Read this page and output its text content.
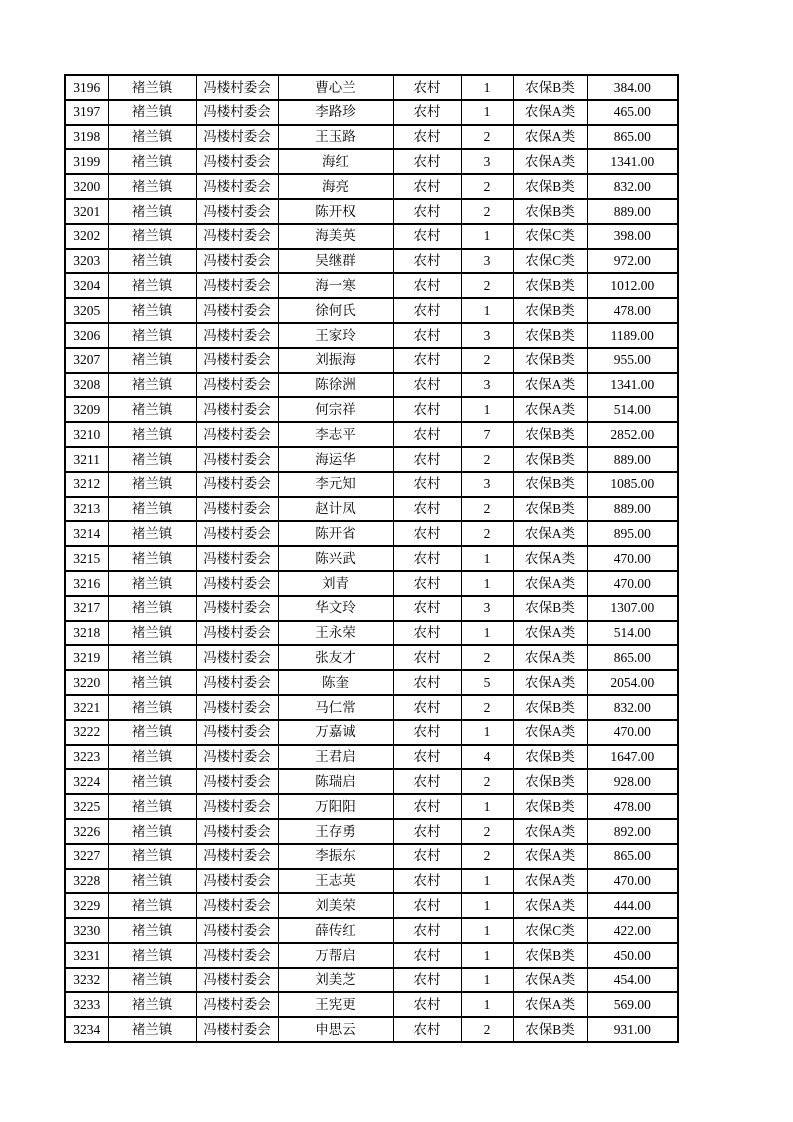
3196	褚兰镇	冯楼村委会	曹心兰	农村	1	农保B类	384.00
3197	褚兰镇	冯楼村委会	李路珍	农村	1	农保A类	465.00
3198	褚兰镇	冯楼村委会	王玉路	农村	2	农保A类	865.00
3199	褚兰镇	冯楼村委会	海红	农村	3	农保A类	1341.00
3200	褚兰镇	冯楼村委会	海亮	农村	2	农保B类	832.00
3201	褚兰镇	冯楼村委会	陈开权	农村	2	农保B类	889.00
3202	褚兰镇	冯楼村委会	海美英	农村	1	农保C类	398.00
3203	褚兰镇	冯楼村委会	吴继群	农村	3	农保C类	972.00
3204	褚兰镇	冯楼村委会	海一寒	农村	2	农保B类	1012.00
3205	褚兰镇	冯楼村委会	徐何氏	农村	1	农保B类	478.00
3206	褚兰镇	冯楼村委会	王家玲	农村	3	农保B类	1189.00
3207	褚兰镇	冯楼村委会	刘振海	农村	2	农保B类	955.00
3208	褚兰镇	冯楼村委会	陈徐洲	农村	3	农保A类	1341.00
3209	褚兰镇	冯楼村委会	何宗祥	农村	1	农保A类	514.00
3210	褚兰镇	冯楼村委会	李志平	农村	7	农保B类	2852.00
3211	褚兰镇	冯楼村委会	海运华	农村	2	农保B类	889.00
3212	褚兰镇	冯楼村委会	李元知	农村	3	农保B类	1085.00
3213	褚兰镇	冯楼村委会	赵计凤	农村	2	农保B类	889.00
3214	褚兰镇	冯楼村委会	陈开省	农村	2	农保A类	895.00
3215	褚兰镇	冯楼村委会	陈兴武	农村	1	农保A类	470.00
3216	褚兰镇	冯楼村委会	刘青	农村	1	农保A类	470.00
3217	褚兰镇	冯楼村委会	华文玲	农村	3	农保B类	1307.00
3218	褚兰镇	冯楼村委会	王永荣	农村	1	农保A类	514.00
3219	褚兰镇	冯楼村委会	张友才	农村	2	农保A类	865.00
3220	褚兰镇	冯楼村委会	陈奎	农村	5	农保A类	2054.00
3221	褚兰镇	冯楼村委会	马仁常	农村	2	农保B类	832.00
3222	褚兰镇	冯楼村委会	万嘉诚	农村	1	农保A类	470.00
3223	褚兰镇	冯楼村委会	王君启	农村	4	农保B类	1647.00
3224	褚兰镇	冯楼村委会	陈瑞启	农村	2	农保B类	928.00
3225	褚兰镇	冯楼村委会	万阳阳	农村	1	农保B类	478.00
3226	褚兰镇	冯楼村委会	王存勇	农村	2	农保A类	892.00
3227	褚兰镇	冯楼村委会	李振东	农村	2	农保A类	865.00
3228	褚兰镇	冯楼村委会	王志英	农村	1	农保A类	470.00
3229	褚兰镇	冯楼村委会	刘美荣	农村	1	农保A类	444.00
3230	褚兰镇	冯楼村委会	薛传红	农村	1	农保C类	422.00
3231	褚兰镇	冯楼村委会	万帮启	农村	1	农保B类	450.00
3232	褚兰镇	冯楼村委会	刘美芝	农村	1	农保A类	454.00
3233	褚兰镇	冯楼村委会	王宪更	农村	1	农保A类	569.00
3234	褚兰镇	冯楼村委会	申思云	农村	2	农保B类	931.00
